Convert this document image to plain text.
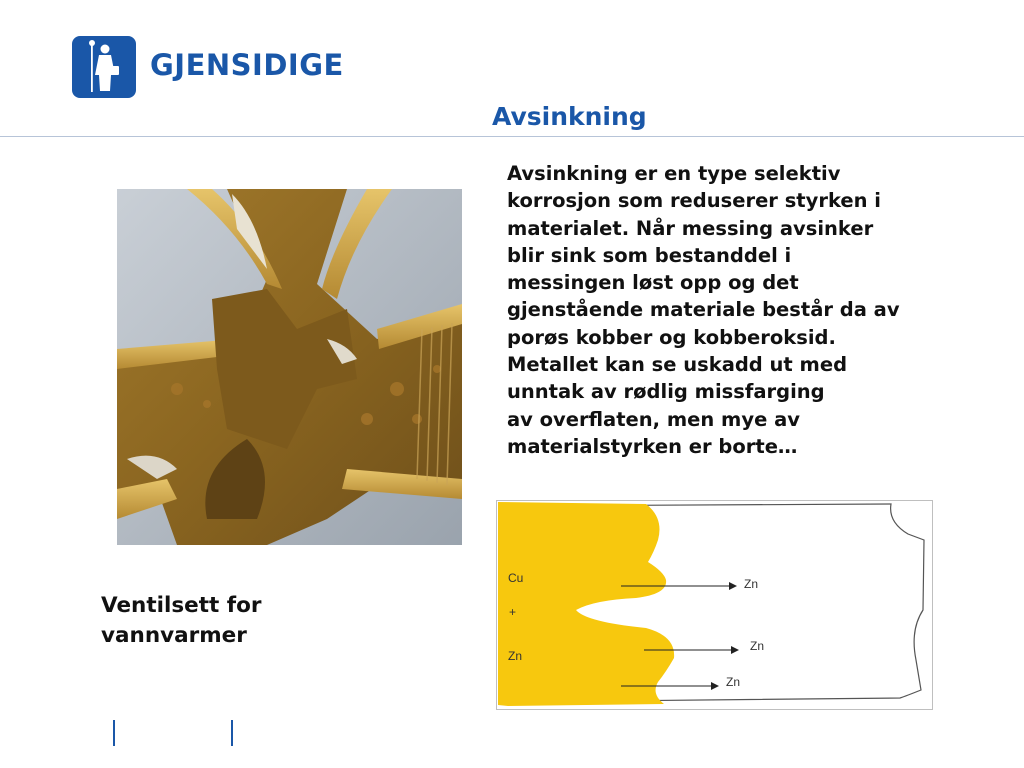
GJENSIDIGE
Avsinkning
Avsinkning er en type selektiv
korrosjon som reduserer styrken i
materialet. Når messing avsinker
blir sink som bestanddel i
messingen løst opp og det
gjenstående materiale består da av
porøs kobber og kobberoksid.
Metallet kan se uskadd ut med
unntak av rødlig missfarging
av overflaten, men mye av
materialstyrken er borte…
Ventilsett for
vannvarmer
Cu
+
Zn
Zn
Zn
Zn
